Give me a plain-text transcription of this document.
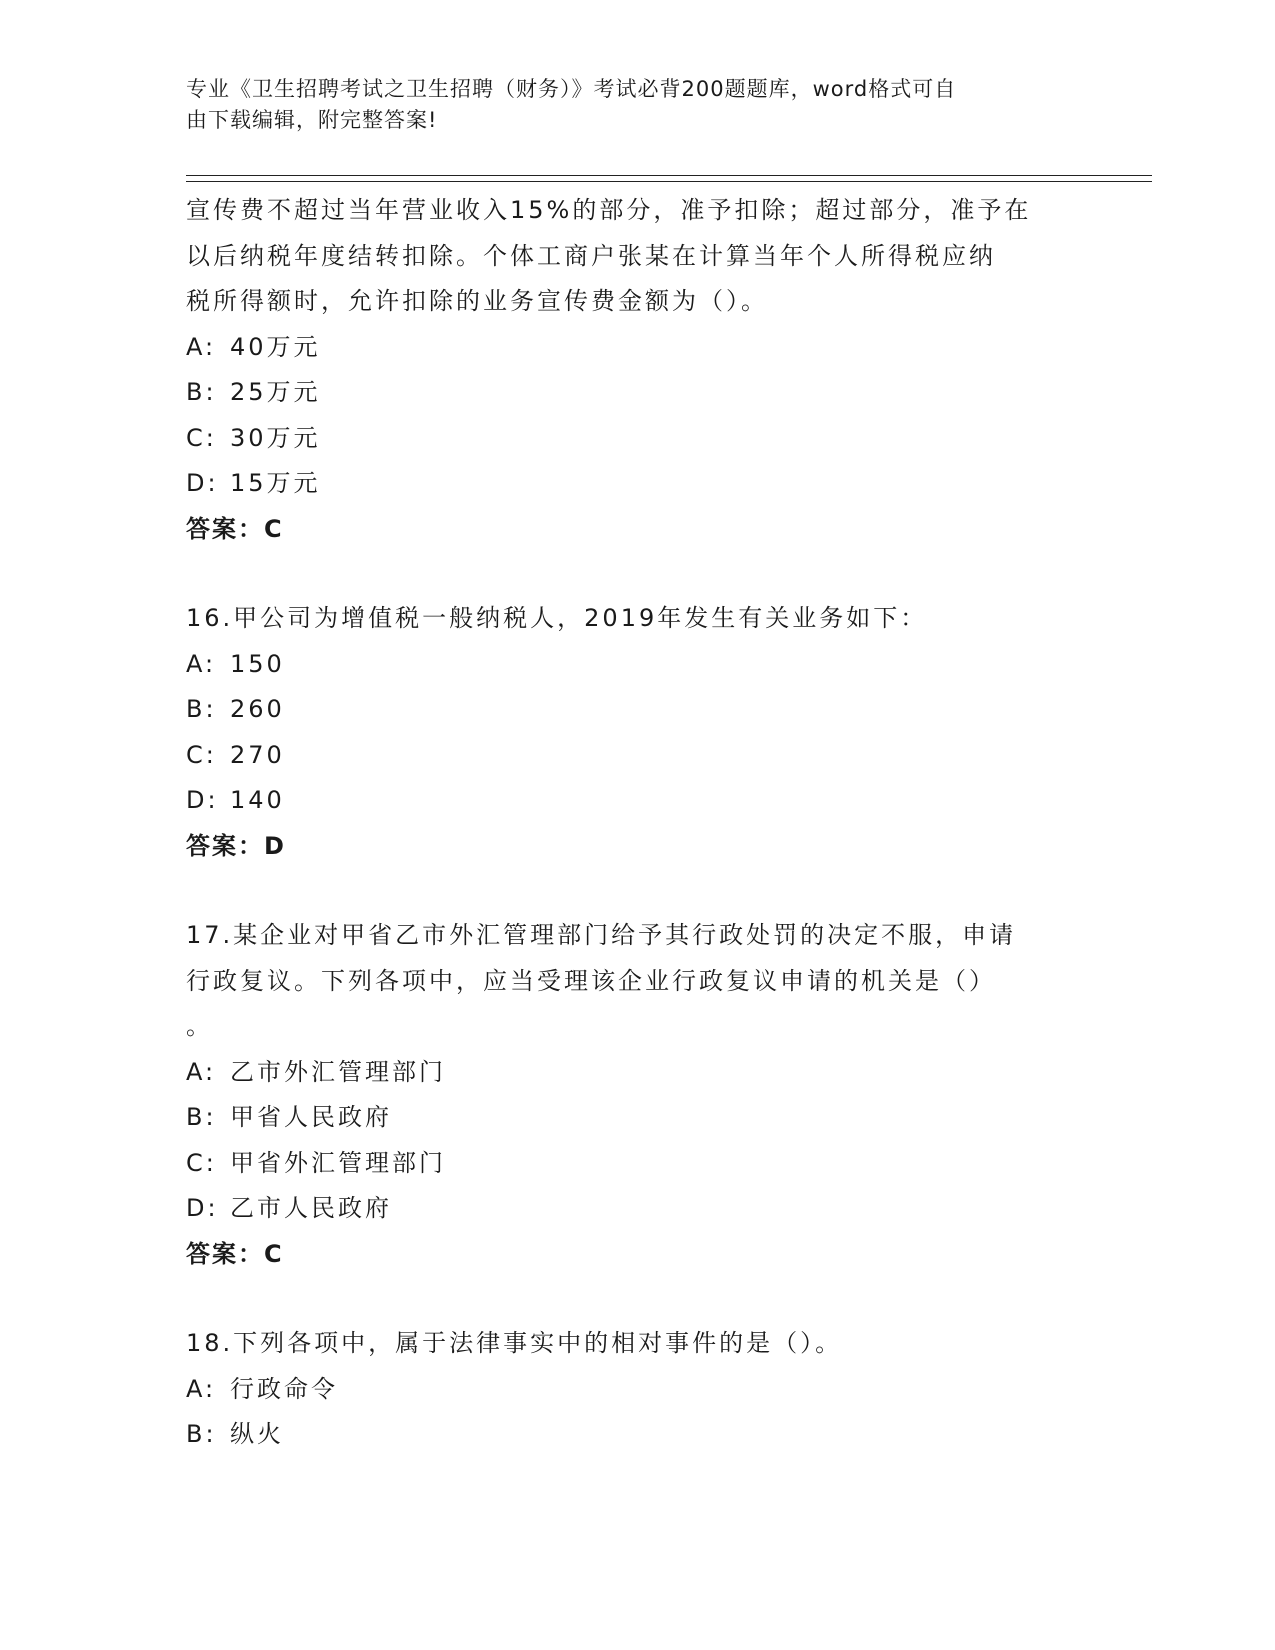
专业《卫生招聘考试之卫生招聘（财务）》考试必背200题题库，word格式可自
由下载编辑，附完整答案!
宣传费不超过当年营业收入15%的部分，准予扣除；超过部分，准予在
以后纳税年度结转扣除。个体工商户张某在计算当年个人所得税应纳
税所得额时，允许扣除的业务宣传费金额为（）。
A: 40万元
B: 25万元
C: 30万元
D: 15万元
答案：C
16.甲公司为增值税一般纳税人，2019年发生有关业务如下：
A: 150
B: 260
C: 270
D: 140
答案：D
17.某企业对甲省乙市外汇管理部门给予其行政处罚的决定不服，申请
行政复议。下列各项中，应当受理该企业行政复议申请的机关是（）
。
A: 乙市外汇管理部门
B: 甲省人民政府
C: 甲省外汇管理部门
D: 乙市人民政府
答案：C
18.下列各项中，属于法律事实中的相对事件的是（）。
A: 行政命令
B: 纵火
